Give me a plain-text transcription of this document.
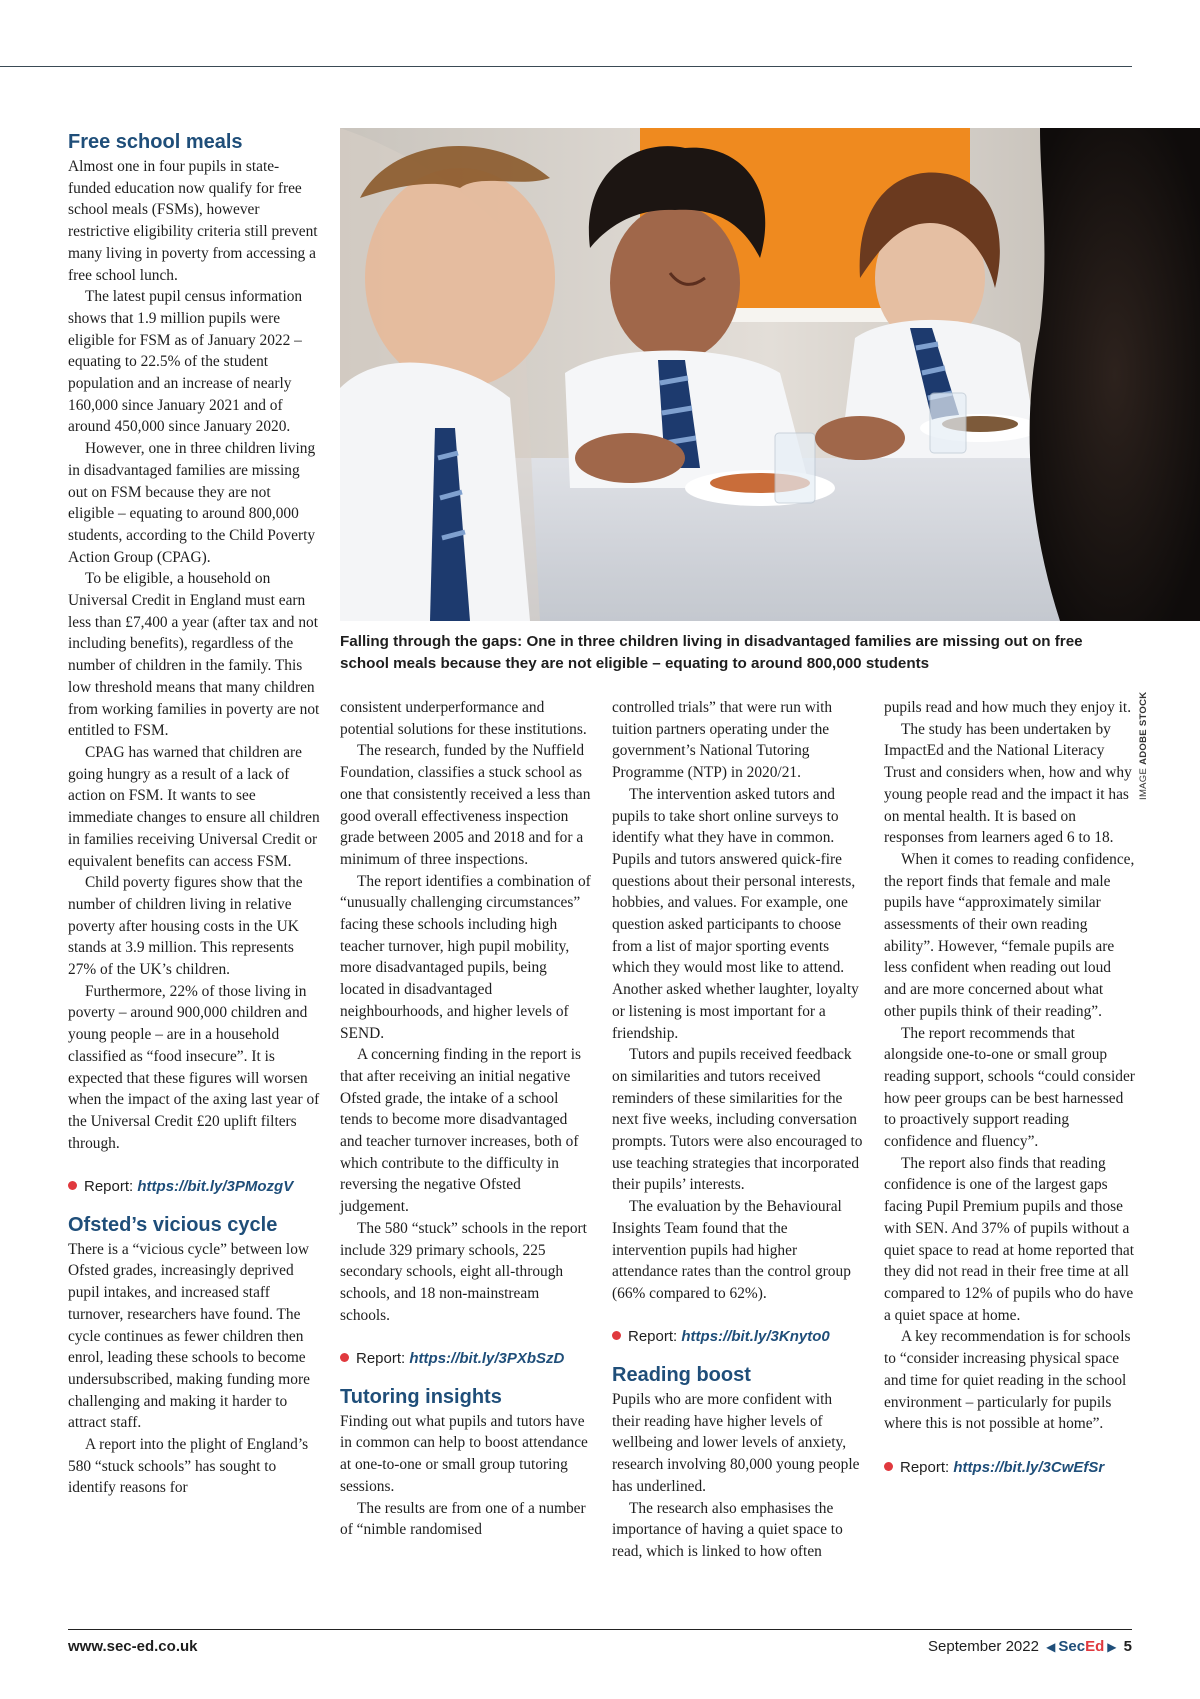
Free school meals

Almost one in four pupils in state-funded education now qualify for free school meals (FSMs), however restrictive eligibility criteria still prevent many living in poverty from accessing a free school lunch.

The latest pupil census information shows that 1.9 million pupils were eligible for FSM as of January 2022 – equating to 22.5% of the student population and an increase of nearly 160,000 since January 2021 and of around 450,000 since January 2020.

However, one in three children living in disadvantaged families are missing out on FSM because they are not eligible – equating to around 800,000 students, according to the Child Poverty Action Group (CPAG).

To be eligible, a household on Universal Credit in England must earn less than £7,400 a year (after tax and not including benefits), regardless of the number of children in the family. This low threshold means that many children from working families in poverty are not entitled to FSM.

CPAG has warned that children are going hungry as a result of a lack of action on FSM. It wants to see immediate changes to ensure all children in families receiving Universal Credit or equivalent benefits can access FSM.

Child poverty figures show that the number of children living in relative poverty after housing costs in the UK stands at 3.9 million. This represents 27% of the UK’s children.

Furthermore, 22% of those living in poverty – around 900,000 children and young people – are in a household classified as “food insecure”. It is expected that these figures will worsen when the impact of the axing last year of the Universal Credit £20 uplift filters through.

Report: https://bit.ly/3PMozgV
Ofsted’s vicious cycle

There is a “vicious cycle” between low Ofsted grades, increasingly deprived pupil intakes, and increased staff turnover, researchers have found. The cycle continues as fewer children then enrol, leading these schools to become undersubscribed, making funding more challenging and making it harder to attract staff.

A report into the plight of England’s 580 “stuck schools” has sought to identify reasons for

Falling through the gaps: One in three children living in disadvantaged families are missing out on free school meals because they are not eligible – equating to around 800,000 students
IMAGE ADOBE STOCK

consistent underperformance and potential solutions for these institutions.

The research, funded by the Nuffield Foundation, classifies a stuck school as one that consistently received a less than good overall effectiveness inspection grade between 2005 and 2018 and for a minimum of three inspections.

The report identifies a combination of “unusually challenging circumstances” facing these schools including high teacher turnover, high pupil mobility, more disadvantaged pupils, being located in disadvantaged neighbourhoods, and higher levels of SEND.

A concerning finding in the report is that after receiving an initial negative Ofsted grade, the intake of a school tends to become more disadvantaged and teacher turnover increases, both of which contribute to the difficulty in reversing the negative Ofsted judgement.

The 580 “stuck” schools in the report include 329 primary schools, 225 secondary schools, eight all-through schools, and 18 non-mainstream schools.

Report: https://bit.ly/3PXbSzD
Tutoring insights

Finding out what pupils and tutors have in common can help to boost attendance at one-to-one or small group tutoring sessions.

The results are from one of a number of “nimble randomised

controlled trials” that were run with tuition partners operating under the government’s National Tutoring Programme (NTP) in 2020/21.

The intervention asked tutors and pupils to take short online surveys to identify what they have in common. Pupils and tutors answered quick-fire questions about their personal interests, hobbies, and values. For example, one question asked participants to choose from a list of major sporting events which they would most like to attend. Another asked whether laughter, loyalty or listening is most important for a friendship.

Tutors and pupils received feedback on similarities and tutors received reminders of these similarities for the next five weeks, including conversation prompts. Tutors were also encouraged to use teaching strategies that incorporated their pupils’ interests.

The evaluation by the Behavioural Insights Team found that the intervention pupils had higher attendance rates than the control group (66% compared to 62%).

Report: https://bit.ly/3Knyto0
Reading boost

Pupils who are more confident with their reading have higher levels of wellbeing and lower levels of anxiety, research involving 80,000 young people has underlined.

The research also emphasises the importance of having a quiet space to read, which is linked to how often

pupils read and how much they enjoy it.

The study has been undertaken by ImpactEd and the National Literacy Trust and considers when, how and why young people read and the impact it has on mental health. It is based on responses from learners aged 6 to 18.

When it comes to reading confidence, the report finds that female and male pupils have “approximately similar assessments of their own reading ability”. However, “female pupils are less confident when reading out loud and are more concerned about what other pupils think of their reading”.

The report recommends that alongside one-to-one or small group reading support, schools “could consider how peer groups can be best harnessed to proactively support reading confidence and fluency”.

The report also finds that reading confidence is one of the largest gaps facing Pupil Premium pupils and those with SEN. And 37% of pupils without a quiet space to read at home reported that they did not read in their free time at all compared to 12% of pupils who do have a quiet space at home.

A key recommendation is for schools to “consider increasing physical space and time for quiet reading in the school environment – particularly for pupils where this is not possible at home”.

Report: https://bit.ly/3CwEfSr
www.sec-ed.co.uk	September 2022 ◀ SecEd ▶ 5
